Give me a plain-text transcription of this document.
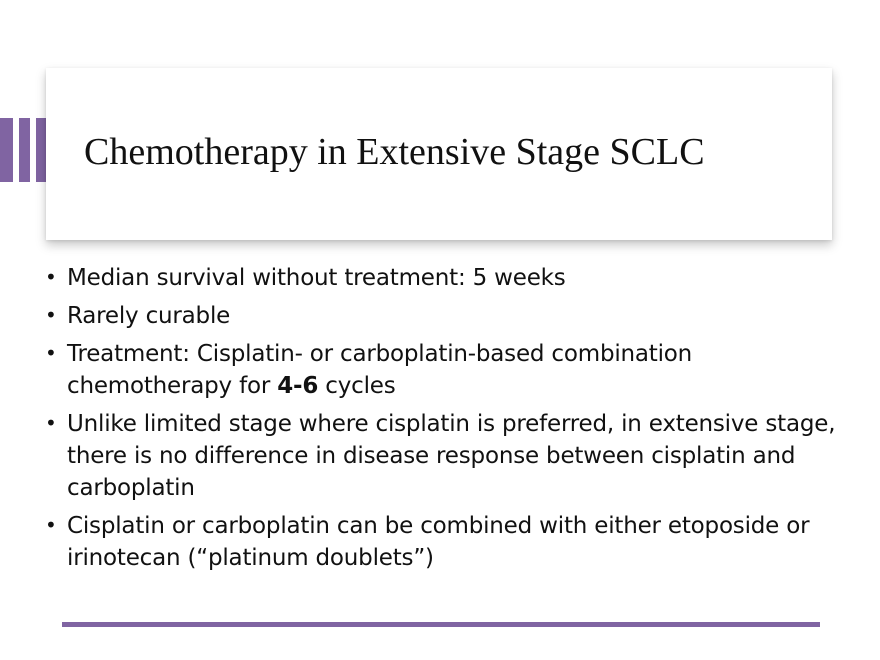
Chemotherapy in Extensive Stage SCLC
• Median survival without treatment: 5 weeks
• Rarely curable
• Treatment: Cisplatin- or carboplatin-based combination chemotherapy for 4-6 cycles
• Unlike limited stage where cisplatin is preferred, in extensive stage, there is no difference in disease response between cisplatin and carboplatin
• Cisplatin or carboplatin can be combined with either etoposide or irinotecan (“platinum doublets”)
